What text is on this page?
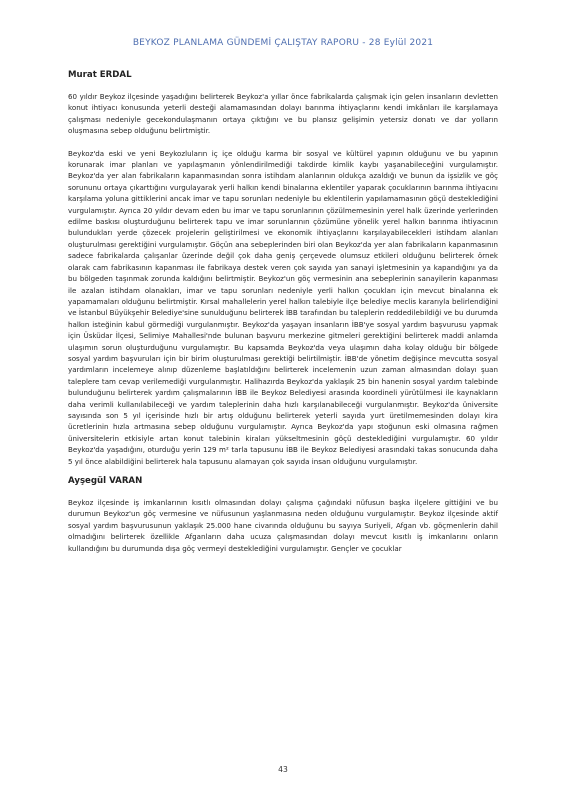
BEYKOZ PLANLAMA GÜNDEMİ ÇALIŞTAY RAPORU - 28 Eylül 2021
Murat ERDAL

60 yıldır Beykoz ilçesinde yaşadığını belirterek Beykoz'a yıllar önce fabrikalarda çalışmak için gelen insanların devletten konut ihtiyacı konusunda yeterli desteği alamamasından dolayı barınma ihtiyaçlarını kendi imkânları ile karşılamaya çalışması nedeniyle gecekondulaşmanın ortaya çıktığını ve bu plansız gelişimin yetersiz donatı ve dar yolların oluşmasına sebep olduğunu belirtmiştir.

Beykoz'da eski ve yeni Beykozluların iç içe olduğu karma bir sosyal ve kültürel yapının olduğunu ve bu yapının korunarak imar planları ve yapılaşmanın yönlendirilmediği takdirde kimlik kaybı yaşanabileceğini vurgulamıştır. Beykoz'da yer alan fabrikaların kapanmasından sonra istihdam alanlarının oldukça azaldığı ve bunun da işsizlik ve göç sorununu ortaya çıkarttığını vurgulayarak yerli halkın kendi binalarına eklentiler yaparak çocuklarının barınma ihtiyacını karşılama yoluna gittiklerini ancak imar ve tapu sorunları nedeniyle bu eklentilerin yapılamamasının göçü desteklediğini vurgulamıştır. Ayrıca 20 yıldır devam eden bu imar ve tapu sorunlarının çözülmemesinin yerel halk üzerinde yerlerinden edilme baskısı oluşturduğunu belirterek tapu ve imar sorunlarının çözümüne yönelik yerel halkın barınma ihtiyacının bulundukları yerde çözecek projelerin geliştirilmesi ve ekonomik ihtiyaçlarını karşılayabilecekleri istihdam alanları oluşturulması gerektiğini vurgulamıştır. Göçün ana sebeplerinden biri olan Beykoz'da yer alan fabrikaların kapanmasının sadece fabrikalarda çalışanlar üzerinde değil çok daha geniş çerçevede olumsuz etkileri olduğunu belirterek örnek olarak cam fabrikasının kapanması ile fabrikaya destek veren çok sayıda yan sanayi işletmesinin ya kapandığını ya da bu bölgeden taşınmak zorunda kaldığını belirtmiştir. Beykoz'un göç vermesinin ana sebeplerinin sanayilerin kapanması ile azalan istihdam olanakları, imar ve tapu sorunları nedeniyle yerli halkın çocukları için mevcut binalarına ek yapamamaları olduğunu belirtmiştir. Kırsal mahallelerin yerel halkın talebiyle ilçe belediye meclis kararıyla belirlendiğini ve İstanbul Büyükşehir Belediye'sine sunulduğunu belirterek İBB tarafından bu taleplerin reddedilebildiği ve bu durumda halkın isteğinin kabul görmediği vurgulanmıştır. Beykoz'da yaşayan insanların İBB'ye sosyal yardım başvurusu yapmak için Üsküdar İlçesi, Selimiye Mahallesi'nde bulunan başvuru merkezine gitmeleri gerektiğini belirterek maddi anlamda ulaşımın sorun oluşturduğunu vurgulamıştır. Bu kapsamda Beykoz'da veya ulaşımın daha kolay olduğu bir bölgede sosyal yardım başvuruları için bir birim oluşturulması gerektiği belirtilmiştir. İBB'de yönetim değişince mevcutta sosyal yardımların incelemeye alınıp düzenleme başlatıldığını belirterek incelemenin uzun zaman almasından dolayı şuan taleplere tam cevap verilemediği vurgulanmıştır. Halihazırda Beykoz'da yaklaşık 25 bin hanenin sosyal yardım talebinde bulunduğunu belirterek yardım çalışmalarının İBB ile Beykoz Belediyesi arasında koordineli yürütülmesi ile kaynakların daha verimli kullanılabileceği ve yardım taleplerinin daha hızlı karşılanabileceği vurgulanmıştır. Beykoz'da üniversite sayısında son 5 yıl içerisinde hızlı bir artış olduğunu belirterek yeterli sayıda yurt üretilmemesinden dolayı kira ücretlerinin hızla artmasına sebep olduğunu vurgulamıştır. Ayrıca Beykoz'da yapı stoğunun eski olmasına rağmen üniversitelerin etkisiyle artan konut talebinin kiraları yükseltmesinin göçü desteklediğini vurgulamıştır. 60 yıldır Beykoz'da yaşadığını, oturduğu yerin 129 m² tarla tapusunu İBB ile Beykoz Belediyesi arasındaki takas sonucunda daha 5 yıl önce alabildiğini belirterek hala tapusunu alamayan çok sayıda insan olduğunu vurgulamıştır.

Ayşegül VARAN

Beykoz ilçesinde iş imkanlarının kısıtlı olmasından dolayı çalışma çağındaki nüfusun başka ilçelere gittiğini ve bu durumun Beykoz'un göç vermesine ve nüfusunun yaşlanmasına neden olduğunu vurgulamıştır. Beykoz ilçesinde aktif sosyal yardım başvurusunun yaklaşık 25.000 hane civarında olduğunu bu sayıya Suriyeli, Afgan vb. göçmenlerin dahil olmadığını belirterek özellikle Afganların daha ucuza çalışmasından dolayı mevcut kısıtlı iş imkanlarını onların kullandığını bu durumunda dışa göç vermeyi desteklediğini vurgulamıştır. Gençler ve çocuklar

43
